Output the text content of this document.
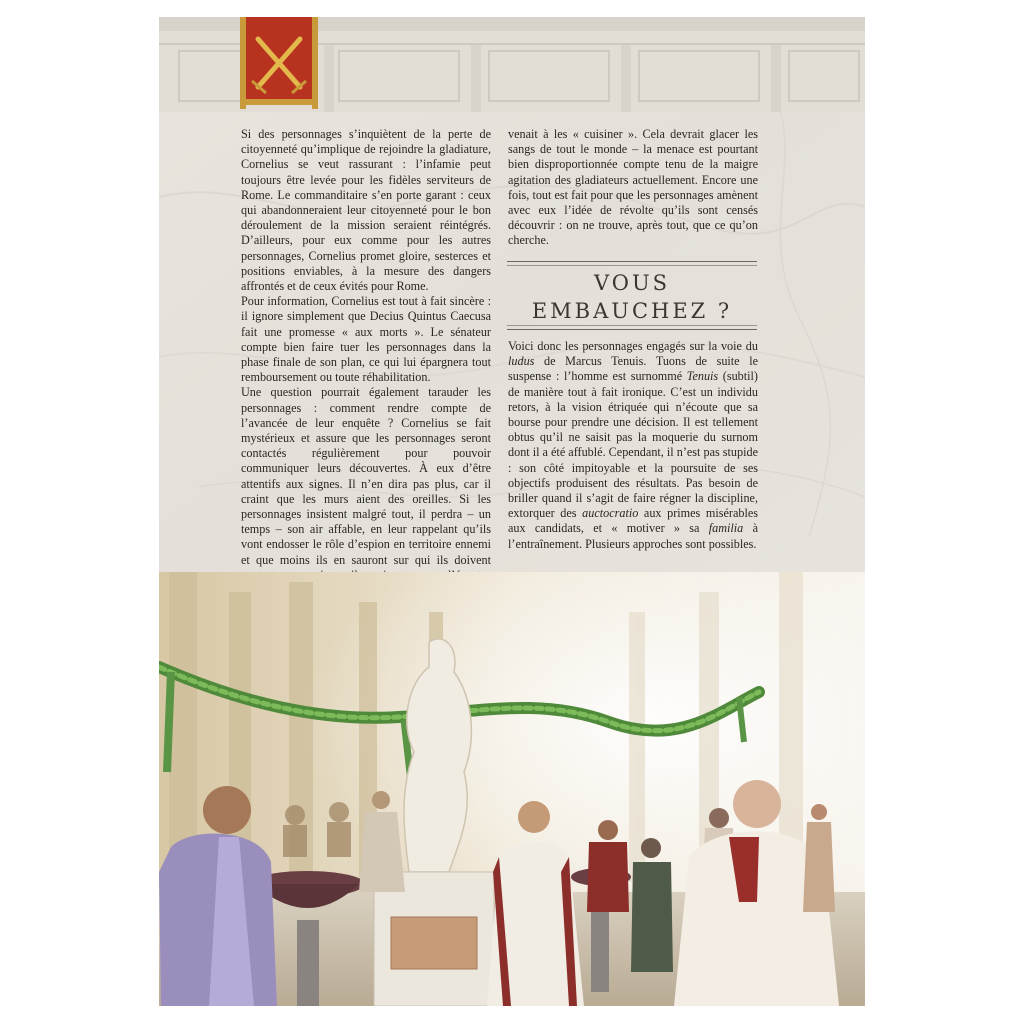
Si des personnages s’inquiètent de la perte de citoyenneté qu’implique de rejoindre la gladiature, Cornelius se veut rassurant : l’infamie peut toujours être levée pour les fidèles serviteurs de Rome. Le commanditaire s’en porte garant : ceux qui abandonneraient leur citoyenneté pour le bon déroulement de la mission seraient réintégrés. D’ailleurs, pour eux comme pour les autres personnages, Cornelius promet gloire, sesterces et positions enviables, à la mesure des dangers affrontés et de ceux évités pour Rome.

Pour information, Cornelius est tout à fait sincère : il ignore simplement que Decius Quintus Caecusa fait une promesse « aux morts ». Le sénateur compte bien faire tuer les personnages dans la phase finale de son plan, ce qui lui épargnera tout remboursement ou toute réhabilitation.

Une question pourrait également tarauder les personnages : comment rendre compte de l’avancée de leur enquête ? Cornelius se fait mystérieux et assure que les personnages seront contactés régulièrement pour pouvoir communiquer leurs découvertes. À eux d’être attentifs aux signes. Il n’en dira pas plus, car il craint que les murs aient des oreilles. Si les personnages insistent malgré tout, il perdra – un temps – son air affable, en leur rappelant qu’ils vont endosser le rôle d’espion en territoire ennemi et que moins ils en sauront sur qui ils doivent

venait à les « cuisiner ». Cela devrait glacer les sangs de tout le monde – la menace est pourtant bien disproportionnée compte tenu de la maigre agitation des gladiateurs actuellement. Encore une fois, tout est fait pour que les personnages amènent avec eux l’idée de révolte qu’ils sont censés découvrir : on ne trouve, après tout, que ce qu’on cherche.

VOUS
EMBAUCHEZ ?

Voici donc les personnages engagés sur la voie du ludus de Marcus Tenuis. Tuons de suite le suspense : l’homme est surnommé Tenuis (subtil) de manière tout à fait ironique. C’est un individu retors, à la vision étriquée qui n’écoute que sa bourse pour prendre une décision. Il est tellement obtus qu’il ne saisit pas la moquerie du surnom dont il a été affublé. Cependant, il n’est pas stupide : son côté impitoyable et la poursuite de ses objectifs produisent des résultats. Pas besoin de briller quand il s’agit de faire régner la discipline, extorquer des auctocratio aux primes misérables aux candidats, et « motiver » sa familia à l’entraînement. Plusieurs approches sont possibles.
